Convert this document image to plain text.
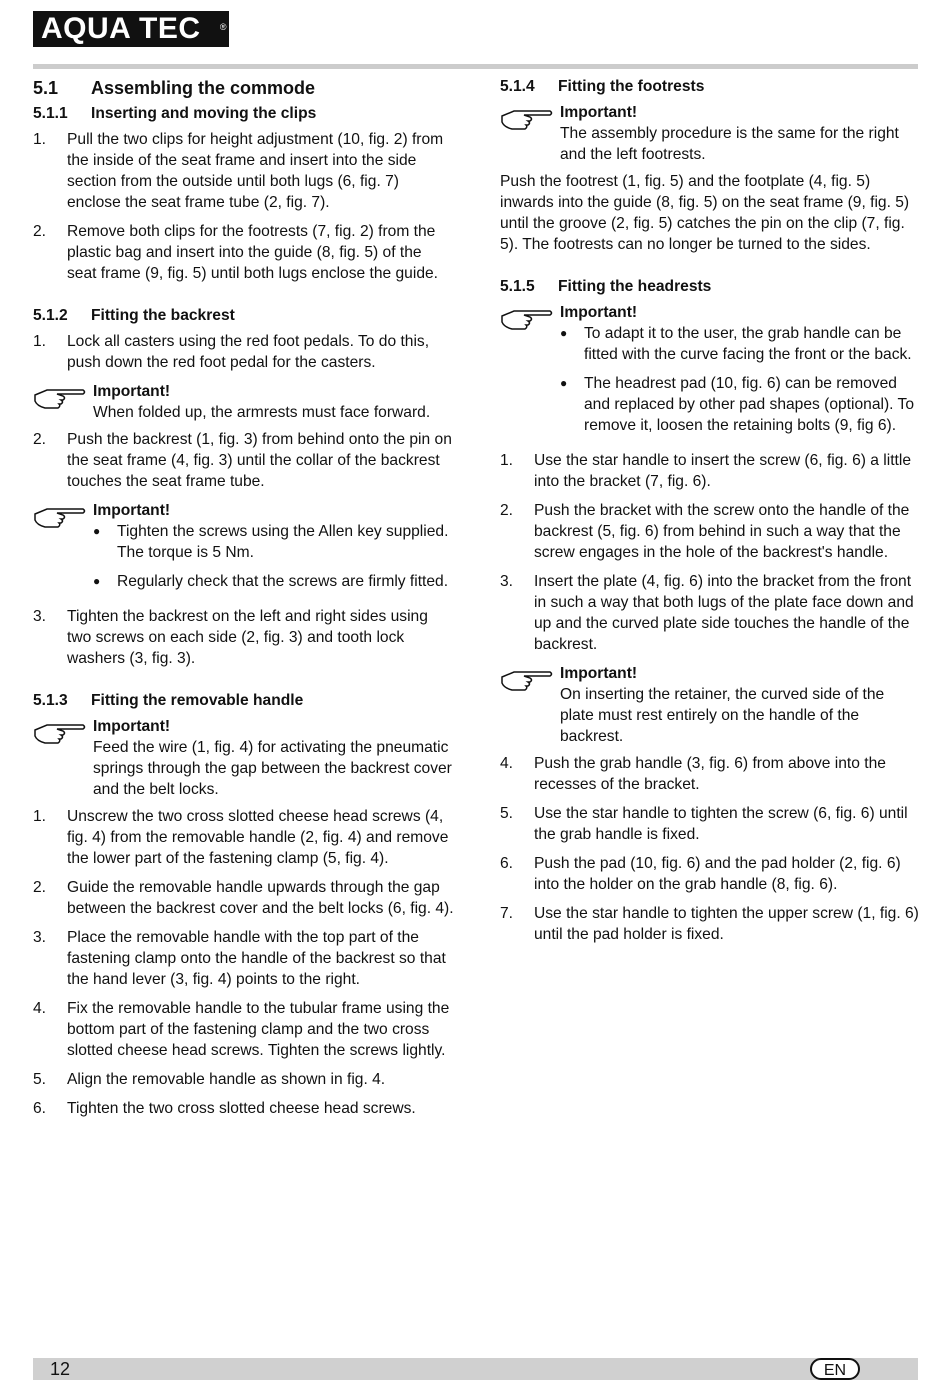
AQUA TEC ®
5.1	Assembling the commode
5.1.1	Inserting and moving the clips
1.	Pull the two clips for height adjustment (10, fig. 2) from the inside of the seat frame and insert into the side section from the outside until both lugs (6, fig. 7) enclose the seat frame tube (2, fig. 7).
2.	Remove both clips for the footrests (7, fig. 2) from the plastic bag and insert into the guide (8, fig. 5) of the seat frame (9, fig. 5) until both lugs enclose the guide.
5.1.2	Fitting the backrest
1.	Lock all casters using the red foot pedals. To do this, push down the red foot pedal for the casters.
Important!
When folded up, the armrests must face forward.
2.	Push the backrest (1, fig. 3) from behind onto the pin on the seat frame (4, fig. 3) until the collar of the backrest touches the seat frame tube.
Important!
●	Tighten the screws using the Allen key supplied. The torque is 5 Nm.
●	Regularly check that the screws are firmly fitted.
3.	Tighten the backrest on the left and right sides using two screws on each side (2, fig. 3) and tooth lock washers (3, fig. 3).
5.1.3	Fitting the removable handle
Important!
Feed the wire (1, fig. 4) for activating the pneumatic springs through the gap between the backrest cover and the belt locks.
1.	Unscrew the two cross slotted cheese head screws (4, fig. 4) from the removable handle (2, fig. 4) and remove the lower part of the fastening clamp (5, fig. 4).
2.	Guide the removable handle upwards through the gap between the backrest cover and the belt locks (6, fig. 4).
3.	Place the removable handle with the top part of the fastening clamp onto the handle of the backrest so that the hand lever (3, fig. 4) points to the right.
4.	Fix the removable handle to the tubular frame using the bottom part of the fastening clamp and the two cross slotted cheese head screws. Tighten the screws lightly.
5.	Align the removable handle as shown in fig. 4.
6.	Tighten the two cross slotted cheese head screws.
5.1.4	Fitting the footrests
Important!
The assembly procedure is the same for the right and the left footrests.
Push the footrest (1, fig. 5) and the footplate (4, fig. 5) inwards into the guide (8, fig. 5) on the seat frame (9, fig. 5) until the groove (2, fig. 5) catches the pin on the clip (7, fig. 5). The footrests can no longer be turned to the sides.
5.1.5	Fitting the headrests
Important!
●	To adapt it to the user, the grab handle can be fitted with the curve facing the front or the back.
●	The headrest pad (10, fig. 6) can be removed and replaced by other pad shapes (optional). To remove it, loosen the retaining bolts (9, fig 6).
1.	Use the star handle to insert the screw (6, fig. 6) a little into the bracket (7, fig. 6).
2.	Push the bracket with the screw onto the handle of the backrest (5, fig. 6) from behind in such a way that the screw engages in the hole of the backrest's handle.
3.	Insert the plate (4, fig. 6) into the bracket from the front in such a way that both lugs of the plate face down and up and the curved plate side touches the handle of the backrest.
Important!
On inserting the retainer, the curved side of the plate must rest entirely on the handle of the backrest.
4.	Push the grab handle (3, fig. 6) from above into the recesses of the bracket.
5.	Use the star handle to tighten the screw (6, fig. 6) until the grab handle is fixed.
6.	Push the pad (10, fig. 6) and the pad holder (2, fig. 6) into the holder on the grab handle (8, fig. 6).
7.	Use the star handle to tighten the upper screw (1, fig. 6) until the pad holder is fixed.
12	EN
